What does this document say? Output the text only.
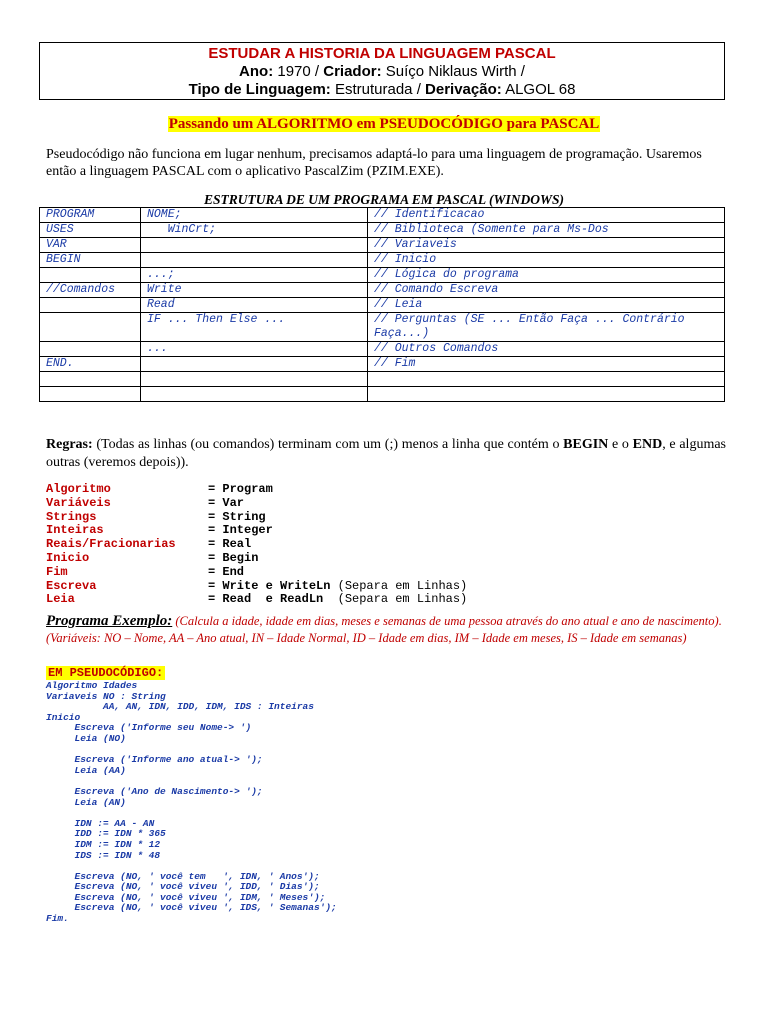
ESTUDAR A HISTORIA DA LINGUAGEM PASCAL
Ano: 1970 / Criador: Suíço Niklaus Wirth /
Tipo de Linguagem: Estruturada / Derivação: ALGOL 68
Passando um ALGORITMO em PSEUDOCÓDIGO para PASCAL
Pseudocódigo não funciona em lugar nenhum, precisamos adaptá-lo para uma linguagem de programação. Usaremos então a linguagem PASCAL com o aplicativo PascalZim (PZIM.EXE).
ESTRUTURA DE UM PROGRAMA EM PASCAL (WINDOWS)
PROGRAM	NOME;	// Identificacao
USES	WinCrt;	// Biblioteca (Somente para Ms-Dos
VAR		// Variaveis
BEGIN		// Inicio
	...;	// Lógica do programa
//Comandos	Write	// Comando Escreva
	Read	// Leia
	IF ... Then Else ...	// Perguntas (SE ... Então Faça ... Contrário Faça...)
	...	// Outros Comandos
END.		// Fim

Regras: (Todas as linhas (ou comandos) terminam com um (;) menos a linha que contém o BEGIN e o END, e algumas outras (veremos depois)).
Algoritmo	= Program
Variáveis	= Var
Strings	= String
Inteiras	= Integer
Reais/Fracionarias	= Real
Inicio	= Begin
Fim	= End
Escreva	= Write e WriteLn (Separa em Linhas)
Leia	= Read  e ReadLn  (Separa em Linhas)
Programa Exemplo: (Calcula a idade, idade em dias, meses e semanas de uma pessoa através do ano atual e ano de nascimento). (Variáveis: NO – Nome, AA – Ano atual, IN – Idade Normal, ID – Idade em dias, IM – Idade em meses, IS – Idade em semanas)
EM PSEUDOCÓDIGO:
Algoritmo Idades
Variaveis NO : String
AA, AN, IDN, IDD, IDM, IDS : Inteiras
Inicio
Escreva ('Informe seu Nome-> ')
Leia (NO)

Escreva ('Informe ano atual-> ');
Leia (AA)

Escreva ('Ano de Nascimento-> ');
Leia (AN)

IDN := AA - AN
IDD := IDN * 365
IDM := IDN * 12
IDS := IDN * 48

Escreva (NO, ' você tem   ', IDN, ' Anos');
Escreva (NO, ' você viveu ', IDD, ' Dias');
Escreva (NO, ' você viveu ', IDM, ' Meses');
Escreva (NO, ' você viveu ', IDS, ' Semanas');
Fim.
